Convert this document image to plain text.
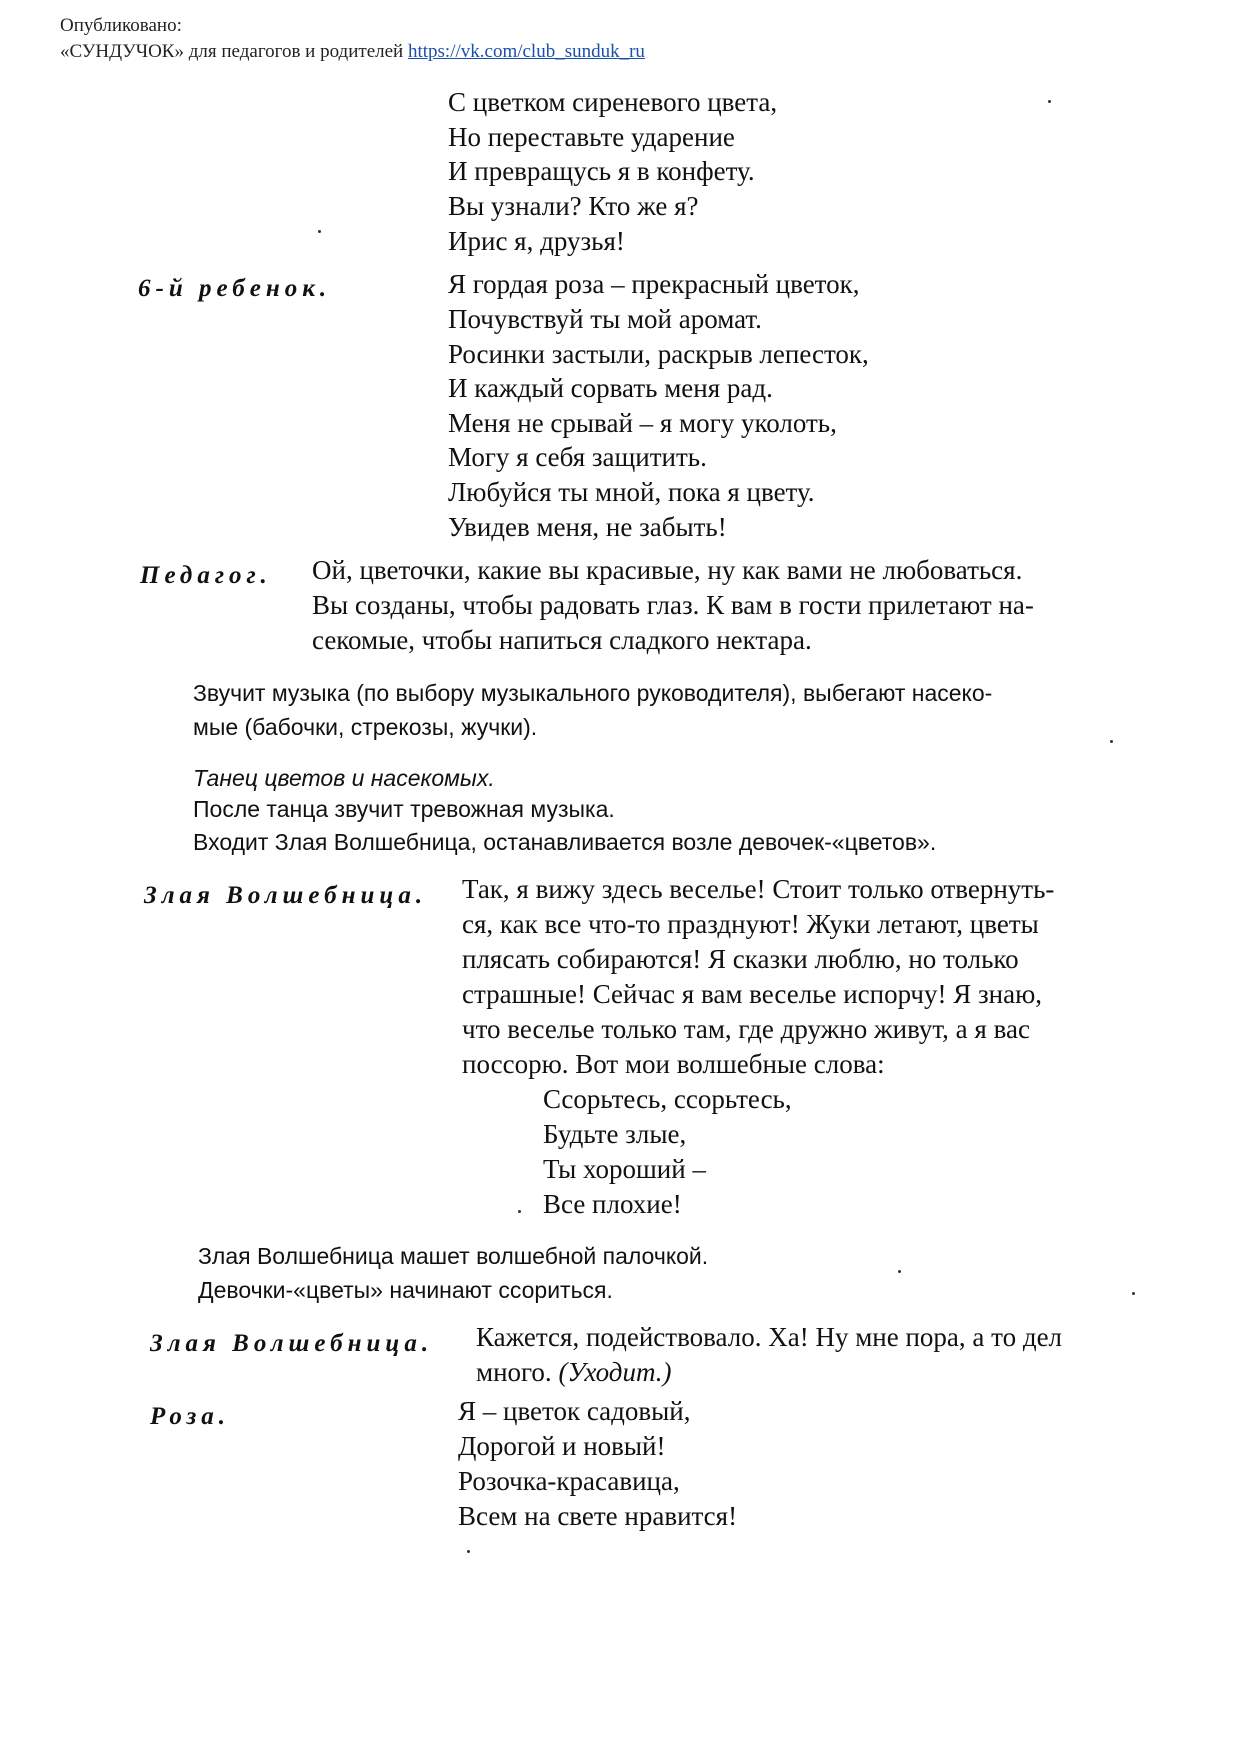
Опубликовано:
«СУНДУЧОК» для педагогов и родителей https://vk.com/club_sunduk_ru
С цветком сиреневого цвета,
Но переставьте ударение
И превращусь я в конфету.
Вы узнали? Кто же я?
Ирис я, друзья!
6-й ребенок.	Я гордая роза – прекрасный цветок,
Почувствуй ты мой аромат.
Росинки застыли, раскрыв лепесток,
И каждый сорвать меня рад.
Меня не срывай – я могу уколоть,
Могу я себя защитить.
Любуйся ты мной, пока я цвету.
Увидев меня, не забыть!
Педагог. Ой, цветочки, какие вы красивые, ну как вами не любоваться.
Вы созданы, чтобы радовать глаз. К вам в гости прилетают на-
секомые, чтобы напиться сладкого нектара.
Звучит музыка (по выбору музыкального руководителя), выбегают насеко-
мые (бабочки, стрекозы, жучки).
Танец цветов и насекомых.
После танца звучит тревожная музыка.
Входит Злая Волшебница, останавливается возле девочек-«цветов».
Злая Волшебница. Так, я вижу здесь веселье! Стоит только отвернуть-
ся, как все что-то празднуют! Жуки летают, цветы
плясать собираются! Я сказки люблю, но только
страшные! Сейчас я вам веселье испорчу! Я знаю,
что веселье только там, где дружно живут, а я вас
поссорю. Вот мои волшебные слова:
Ссорьтесь, ссорьтесь,
Будьте злые,
Ты хороший –
Все плохие!
Злая Волшебница машет волшебной палочкой.
Девочки-«цветы» начинают ссориться.
Злая Волшебница. Кажется, подействовало. Ха! Ну мне пора, а то дел
много. (Уходит.)
Роза.	Я – цветок садовый,
Дорогой и новый!
Розочка-красавица,
Всем на свете нравится!
